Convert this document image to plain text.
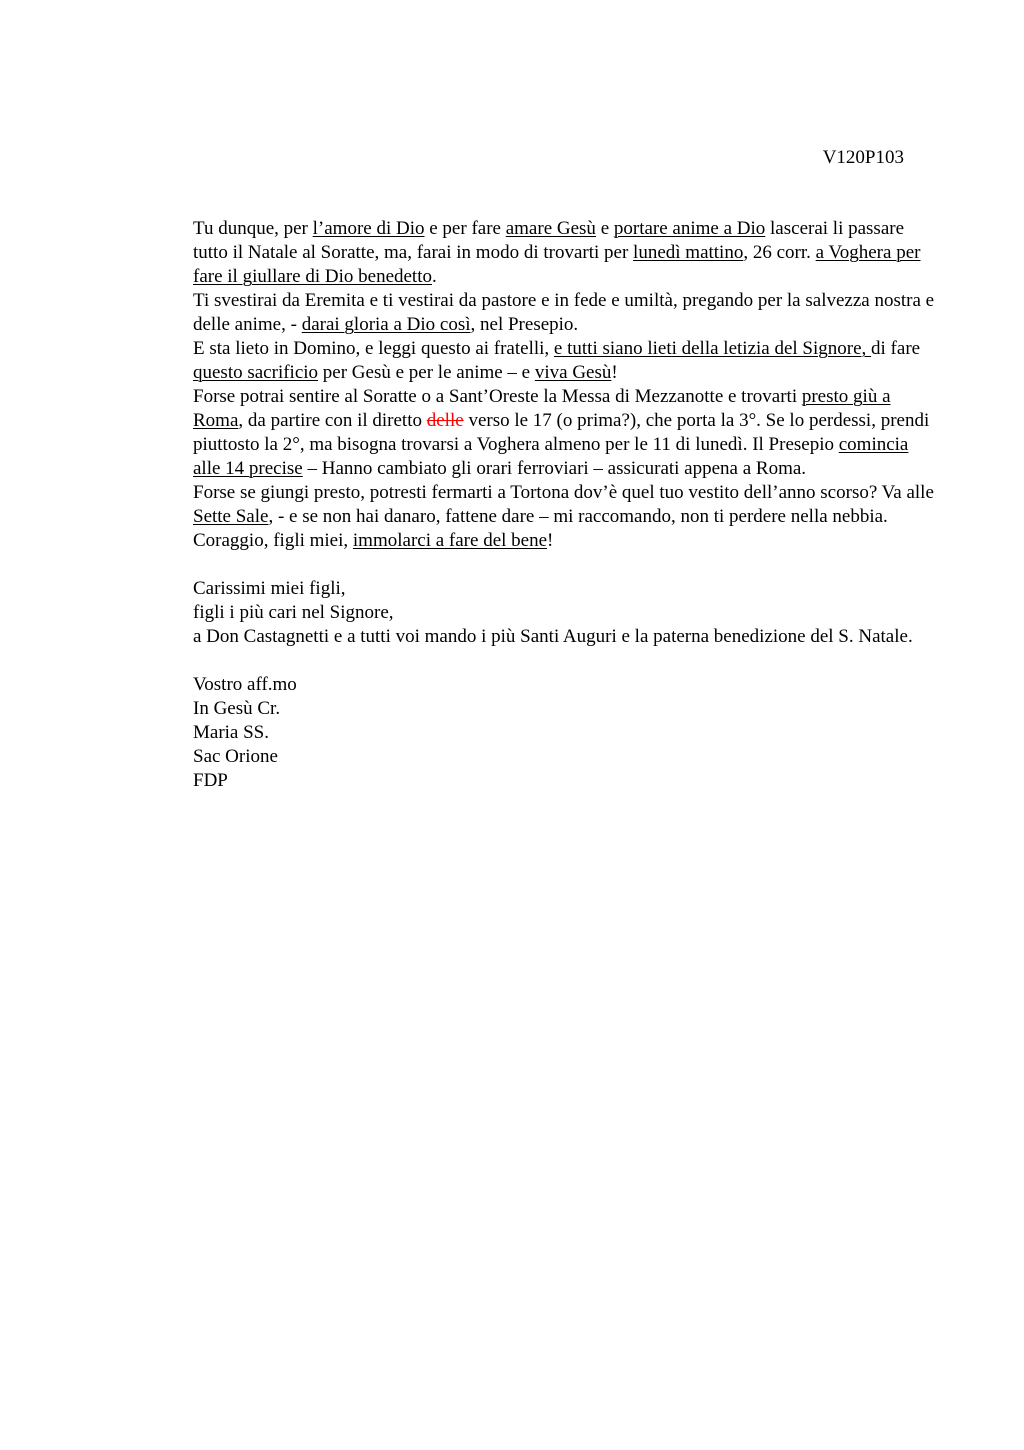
V120P103

Tu dunque, per l’amore di Dio e per fare amare Gesù e portare anime a Dio lascerai li passare tutto il Natale al Soratte, ma, farai in modo di trovarti per lunedì mattino, 26 corr. a Voghera per fare il giullare di Dio benedetto.

Ti svestirai da Eremita e ti vestirai da pastore e in fede e umiltà, pregando per la salvezza nostra e delle anime, - darai gloria a Dio così, nel Presepio.

E sta lieto in Domino, e leggi questo ai fratelli, e tutti siano lieti della letizia del Signore, di fare questo sacrificio per Gesù e per le anime – e viva Gesù!

Forse potrai sentire al Soratte o a Sant’Oreste la Messa di Mezzanotte e trovarti presto giù a Roma, da partire con il diretto delle verso le 17 (o prima?), che porta la 3°. Se lo perdessi, prendi piuttosto la 2°, ma bisogna trovarsi a Voghera almeno per le 11 di lunedì. Il Presepio comincia alle 14 precise – Hanno cambiato gli orari ferroviari – assicurati appena a Roma.

Forse se giungi presto, potresti fermarti a Tortona dov’è quel tuo vestito dell’anno scorso? Va alle Sette Sale, - e se non hai danaro, fattene dare – mi raccomando, non ti perdere nella nebbia.

Coraggio, figli miei, immolarci a fare del bene!

Carissimi miei figli,

figli i più cari nel Signore,

a Don Castagnetti e a tutti voi mando i più Santi Auguri e la paterna benedizione del S. Natale.

Vostro aff.mo

In Gesù Cr.

Maria SS.

Sac Orione

FDP
